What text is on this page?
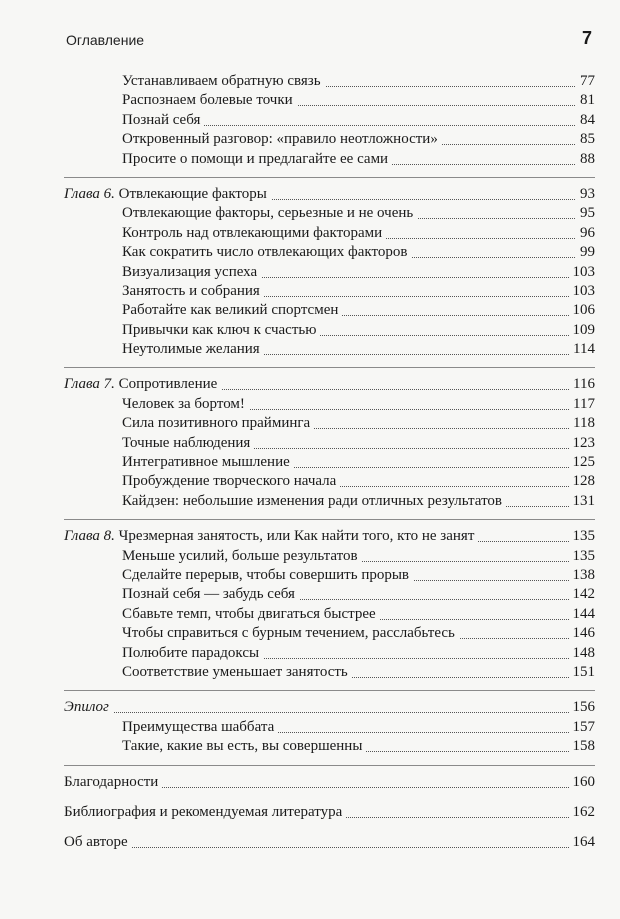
Оглавление	7
Устанавливаем обратную связь	77
Распознаем болевые точки	81
Познай себя	84
Откровенный разговор: «правило неотложности»	85
Просите о помощи и предлагайте ее сами	88
Глава 6. Отвлекающие факторы	93
Отвлекающие факторы, серьезные и не очень	95
Контроль над отвлекающими факторами	96
Как сократить число отвлекающих факторов	99
Визуализация успеха	103
Занятость и собрания	103
Работайте как великий спортсмен	106
Привычки как ключ к счастью	109
Неутолимые желания	114
Глава 7. Сопротивление	116
Человек за бортом!	117
Сила позитивного прайминга	118
Точные наблюдения	123
Интегративное мышление	125
Пробуждение творческого начала	128
Кайдзен: небольшие изменения ради отличных результатов	131
Глава 8. Чрезмерная занятость, или Как найти того, кто не занят	135
Меньше усилий, больше результатов	135
Сделайте перерыв, чтобы совершить прорыв	138
Познай себя — забудь себя	142
Сбавьте темп, чтобы двигаться быстрее	144
Чтобы справиться с бурным течением, расслабьтесь	146
Полюбите парадоксы	148
Соответствие уменьшает занятость	151
Эпилог	156
Преимущества шаббата	157
Такие, какие вы есть, вы совершенны	158
Благодарности	160
Библиография и рекомендуемая литература	162
Об авторе	164
